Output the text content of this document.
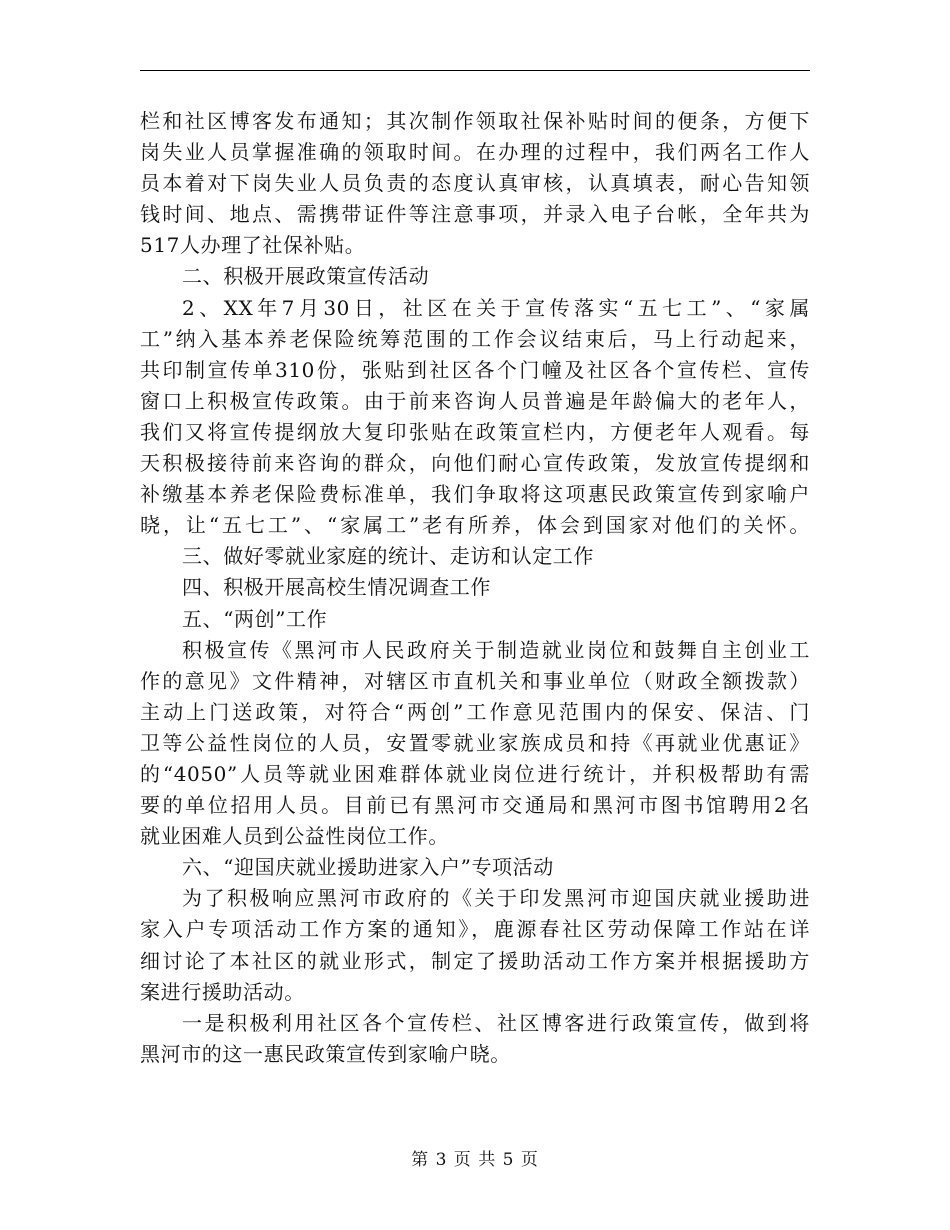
栏和社区博客发布通知；其次制作领取社保补贴时间的便条，方便下
岗失业人员掌握准确的领取时间。在办理的过程中，我们两名工作人
员本着对下岗失业人员负责的态度认真审核，认真填表，耐心告知领
钱时间、地点、需携带证件等注意事项，并录入电子台帐，全年共为
517人办理了社保补贴。
二、积极开展政策宣传活动
2、XX年7月30日，社区在关于宣传落实“五七工”、“家属
工”纳入基本养老保险统筹范围的工作会议结束后，马上行动起来，
共印制宣传单310份，张贴到社区各个门幢及社区各个宣传栏、宣传
窗口上积极宣传政策。由于前来咨询人员普遍是年龄偏大的老年人，
我们又将宣传提纲放大复印张贴在政策宣栏内，方便老年人观看。每
天积极接待前来咨询的群众，向他们耐心宣传政策，发放宣传提纲和
补缴基本养老保险费标准单，我们争取将这项惠民政策宣传到家喻户
晓，让“五七工”、“家属工”老有所养，体会到国家对他们的关怀。
三、做好零就业家庭的统计、走访和认定工作
四、积极开展高校生情况调查工作
五、“两创”工作
积极宣传《黑河市人民政府关于制造就业岗位和鼓舞自主创业工
作的意见》文件精神，对辖区市直机关和事业单位（财政全额拨款）
主动上门送政策，对符合“两创”工作意见范围内的保安、保洁、门
卫等公益性岗位的人员，安置零就业家族成员和持《再就业优惠证》
的“4050”人员等就业困难群体就业岗位进行统计，并积极帮助有需
要的单位招用人员。目前已有黑河市交通局和黑河市图书馆聘用2名
就业困难人员到公益性岗位工作。
六、“迎国庆就业援助进家入户”专项活动
为了积极响应黑河市政府的《关于印发黑河市迎国庆就业援助进
家入户专项活动工作方案的通知》，鹿源春社区劳动保障工作站在详
细讨论了本社区的就业形式，制定了援助活动工作方案并根据援助方
案进行援助活动。
一是积极利用社区各个宣传栏、社区博客进行政策宣传，做到将
黑河市的这一惠民政策宣传到家喻户晓。
第 3 页 共 5 页
